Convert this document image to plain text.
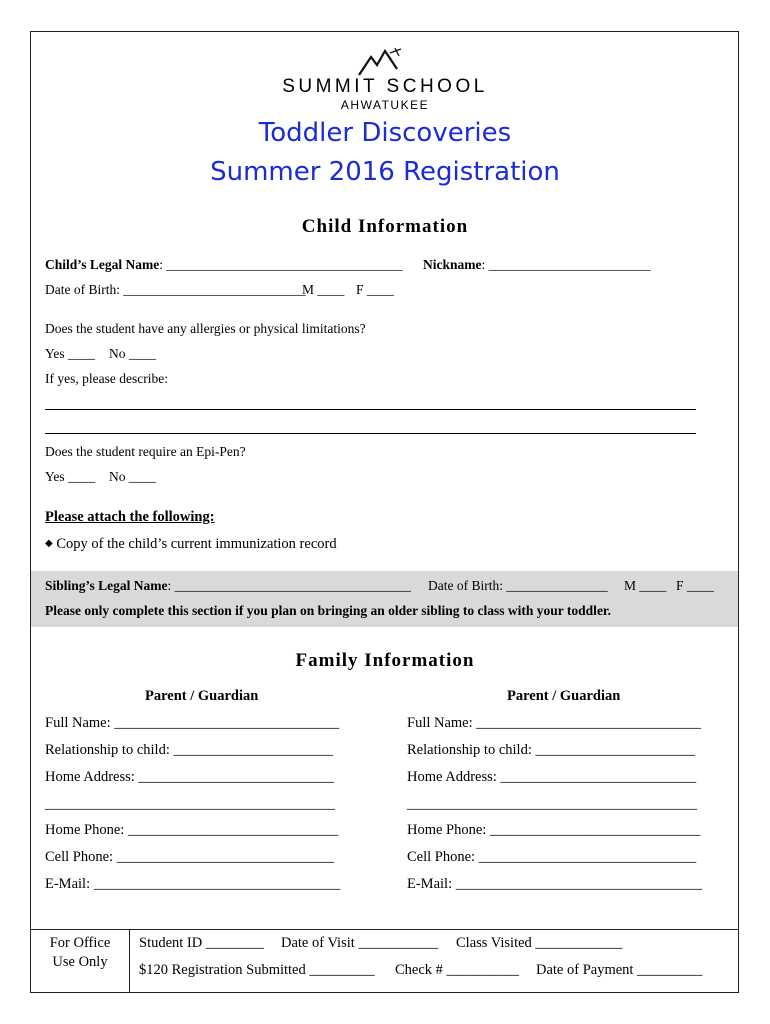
SUMMIT SCHOOL
AHWATUKEE
Toddler Discoveries
Summer 2016 Registration
Child Information
Child’s Legal Name: ___________________________________ Nickname: ________________________
Date of Birth: ___________________________
M ____ F ____
Does the student have any allergies or physical limitations?
Yes ____ No ____
If yes, please describe:
Does the student require an Epi-Pen?
Yes ____ No ____
Please attach the following:
◆ Copy of the child’s current immunization record
Sibling’s Legal Name: ___________________________________ Date of Birth: _______________ M ____ F ____
Please only complete this section if you plan on bringing an older sibling to class with your toddler.
Family Information
Parent / Guardian	Parent / Guardian
Full Name: _______________________________
Relationship to child: ______________________
Home Address: ___________________________
________________________________________
Home Phone: _____________________________
Cell Phone: ______________________________
E-Mail: __________________________________
Full Name: _______________________________
Relationship to child: ______________________
Home Address: ___________________________
________________________________________
Home Phone: _____________________________
Cell Phone: ______________________________
E-Mail: __________________________________
For Office
Use Only
Student ID ________ Date of Visit ___________ Class Visited ____________
$120 Registration Submitted _________ Check # __________ Date of Payment _________
